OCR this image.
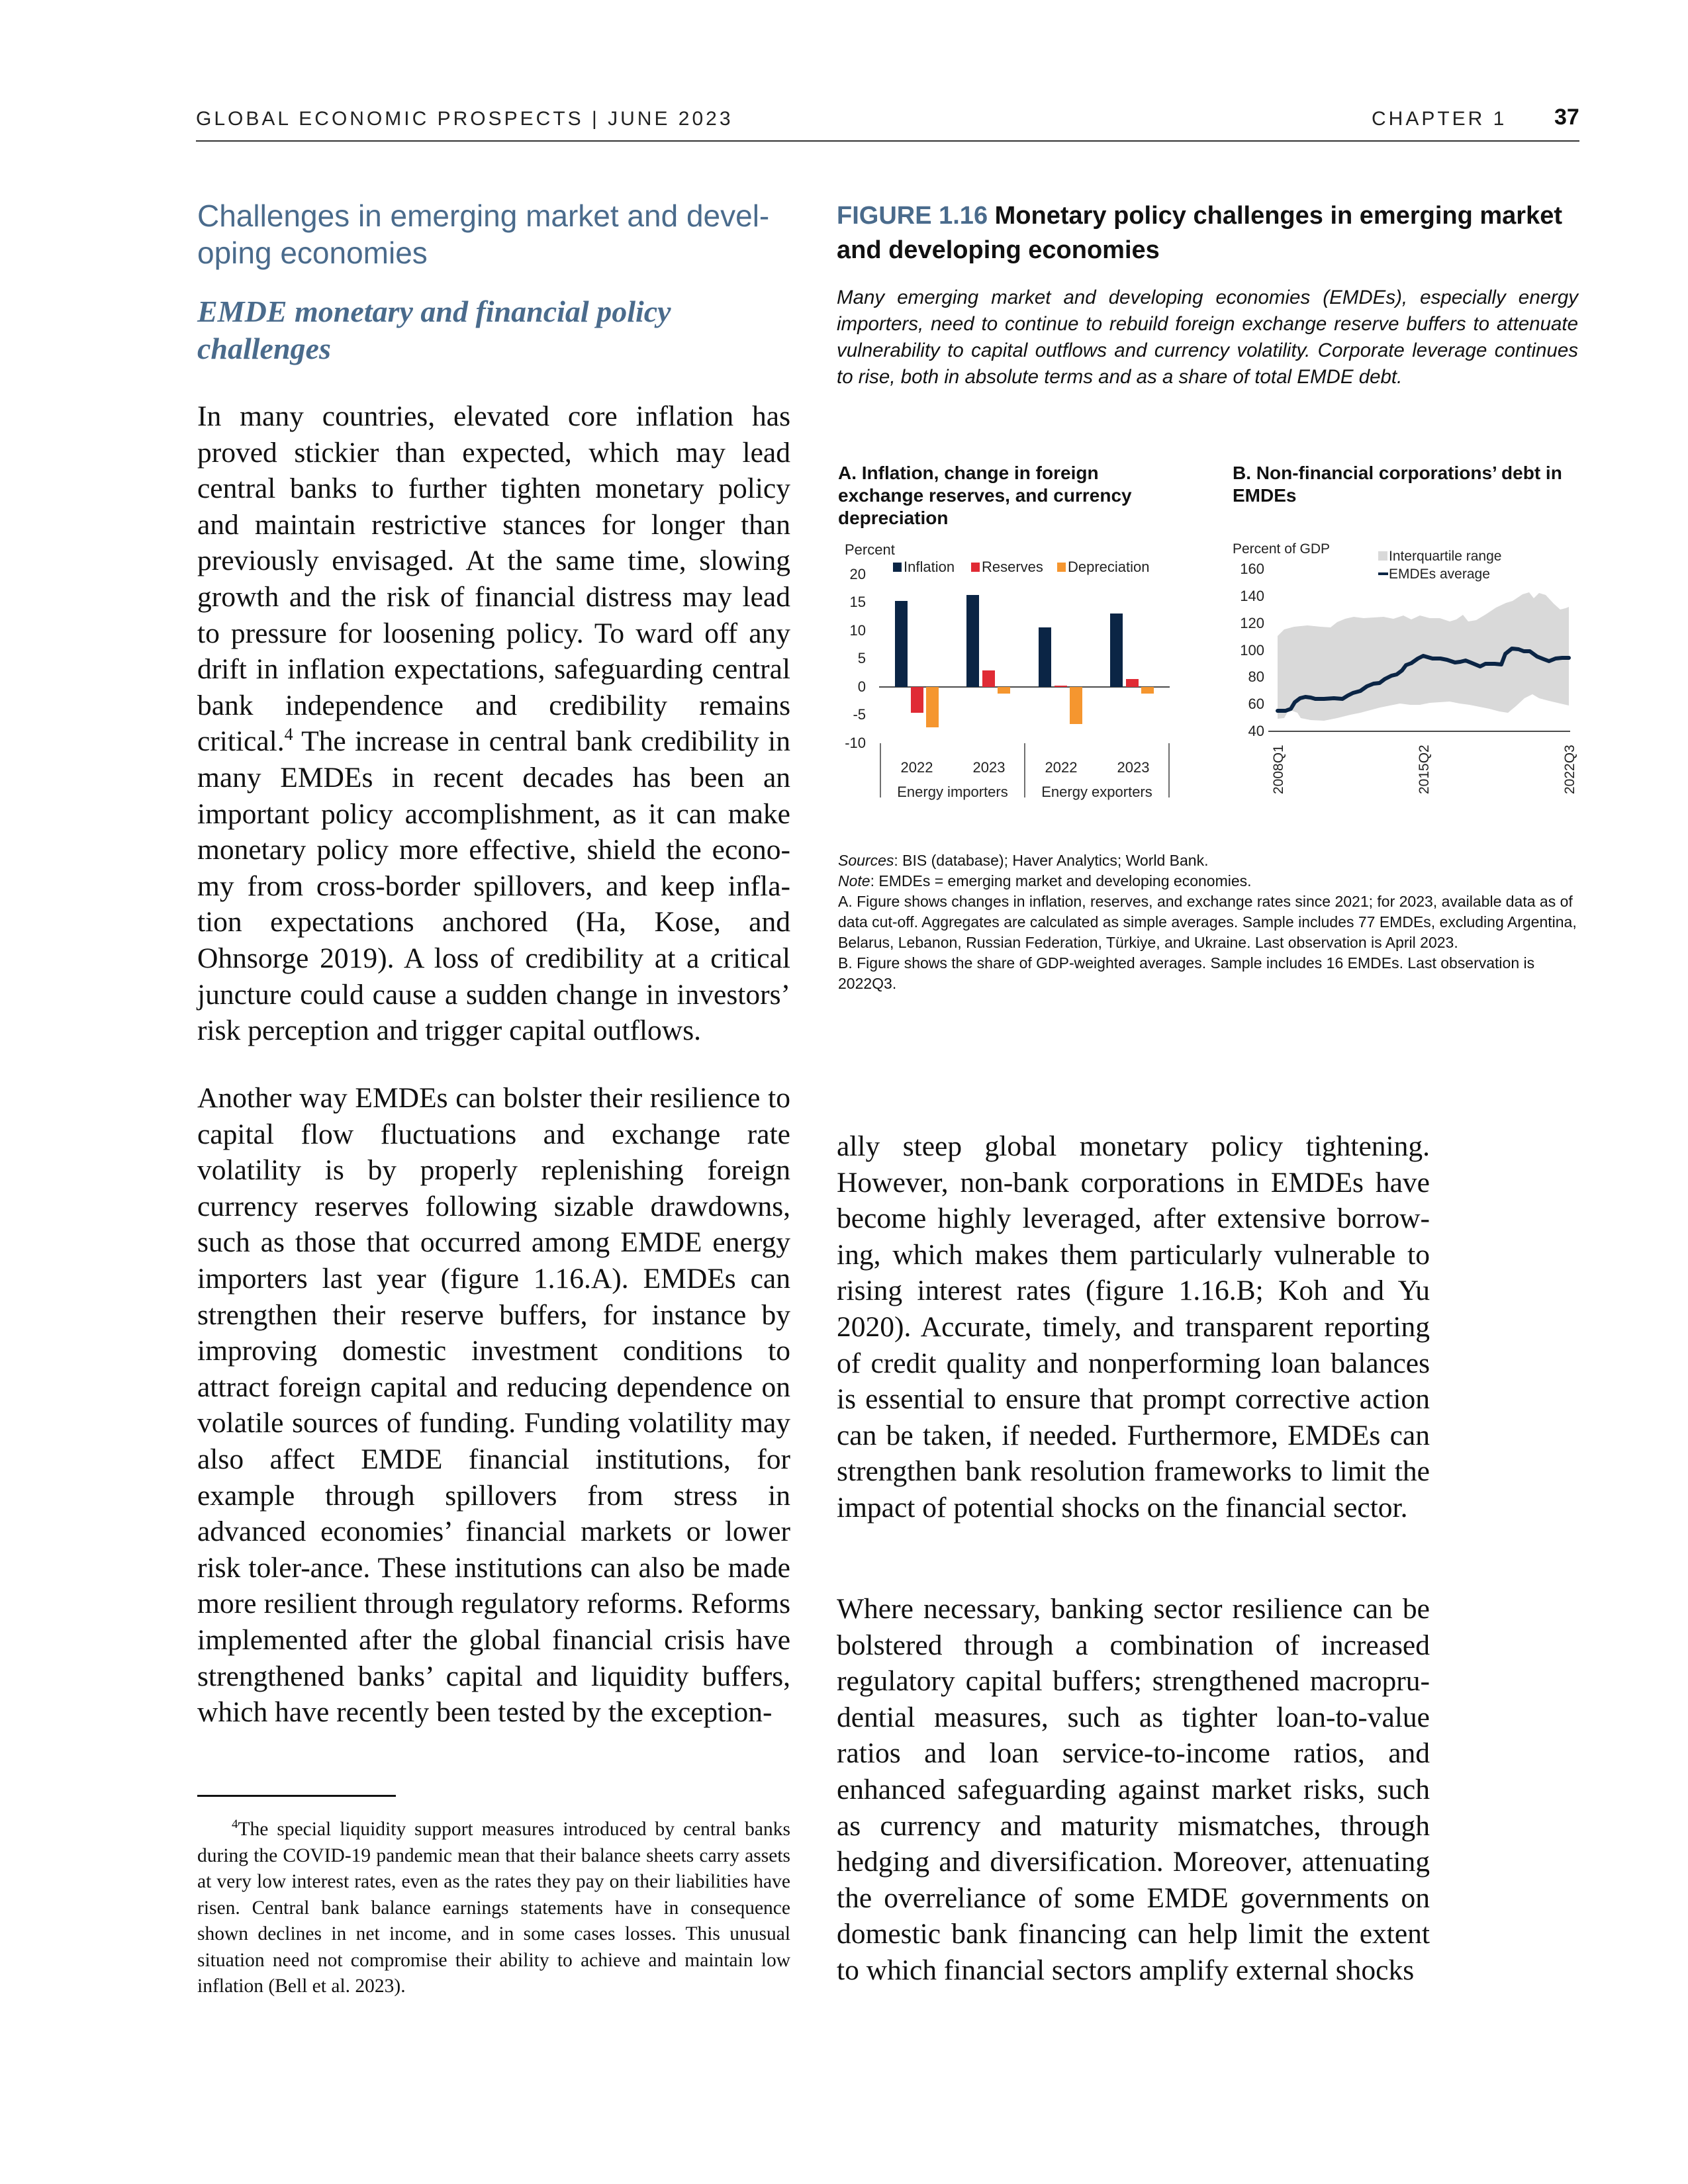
GLOBAL ECONOMIC PROSPECTS | JUNE 2023	CHAPTER 1 37
Challenges in emerging market and devel-oping economies
EMDE monetary and financial policy challenges
In many countries, elevated core inflation has proved stickier than expected, which may lead central banks to further tighten monetary policy and maintain restrictive stances for longer than previously envisaged. At the same time, slowing growth and the risk of financial distress may lead to pressure for loosening policy. To ward off any drift in inflation expectations, safeguarding central bank independence and credibility remains critical.$^4$ The increase in central bank credibility in many EMDEs in recent decades has been an important policy accomplishment, as it can make monetary policy more effective, shield the econo-my from cross-border spillovers, and keep infla-tion expectations anchored (Ha, Kose, and Ohnsorge 2019). A loss of credibility at a critical juncture could cause a sudden change in investors’ risk perception and trigger capital outflows.
Another way EMDEs can bolster their resilience to capital flow fluctuations and exchange rate volatility is by properly replenishing foreign currency reserves following sizable drawdowns, such as those that occurred among EMDE energy importers last year (figure 1.16.A). EMDEs can strengthen their reserve buffers, for instance by improving domestic investment conditions to attract foreign capital and reducing dependence on volatile sources of funding. Funding volatility may also affect EMDE financial institutions, for example through spillovers from stress in advanced economies’ financial markets or lower risk toler-ance. These institutions can also be made more resilient through regulatory reforms. Reforms implemented after the global financial crisis have strengthened banks’ capital and liquidity buffers, which have recently been tested by the exception-
$^4$The special liquidity support measures introduced by central banks during the COVID-19 pandemic mean that their balance sheets carry assets at very low interest rates, even as the rates they pay on their liabilities have risen. Central bank balance earnings statements have in consequence shown declines in net income, and in some cases losses. This unusual situation need not compromise their ability to achieve and maintain low inflation (Bell et al. 2023).
FIGURE 1.16 Monetary policy challenges in emerging market and developing economies
Many emerging market and developing economies (EMDEs), especially energy importers, need to continue to rebuild foreign exchange reserve buffers to attenuate vulnerability to capital outflows and currency volatility. Corporate leverage continues to rise, both in absolute terms and as a share of total EMDE debt.
A. Inflation, change in foreign exchange reserves, and currency depreciation
B. Non-financial corporations’ debt in EMDEs
Percent
Inflation Reserves Depreciation
20
15
10
5
0
-5
-10
2022	2023	2022	2023
Energy importers Energy exporters
Percent of GDP	Interquartile range
EMDEs average
160
140
120
100
80
60
40
2008Q1	2015Q2	2022Q3
Sources: BIS (database); Haver Analytics; World Bank.
Note: EMDEs = emerging market and developing economies.
A. Figure shows changes in inflation, reserves, and exchange rates since 2021; for 2023, available data as of data cut-off. Aggregates are calculated as simple averages. Sample includes 77 EMDEs, excluding Argentina, Belarus, Lebanon, Russian Federation, Türkiye, and Ukraine. Last observation is April 2023.
B. Figure shows the share of GDP-weighted averages. Sample includes 16 EMDEs. Last observation is 2022Q3.
ally steep global monetary policy tightening. However, non-bank corporations in EMDEs have become highly leveraged, after extensive borrow-ing, which makes them particularly vulnerable to rising interest rates (figure 1.16.B; Koh and Yu 2020). Accurate, timely, and transparent reporting of credit quality and nonperforming loan balances is essential to ensure that prompt corrective action can be taken, if needed. Furthermore, EMDEs can strengthen bank resolution frameworks to limit the impact of potential shocks on the financial sector.
Where necessary, banking sector resilience can be bolstered through a combination of increased regulatory capital buffers; strengthened macropru-dential measures, such as tighter loan-to-value ratios and loan service-to-income ratios, and enhanced safeguarding against market risks, such as currency and maturity mismatches, through hedging and diversification. Moreover, attenuating the overreliance of some EMDE governments on domestic bank financing can help limit the extent to which financial sectors amplify external shocks
